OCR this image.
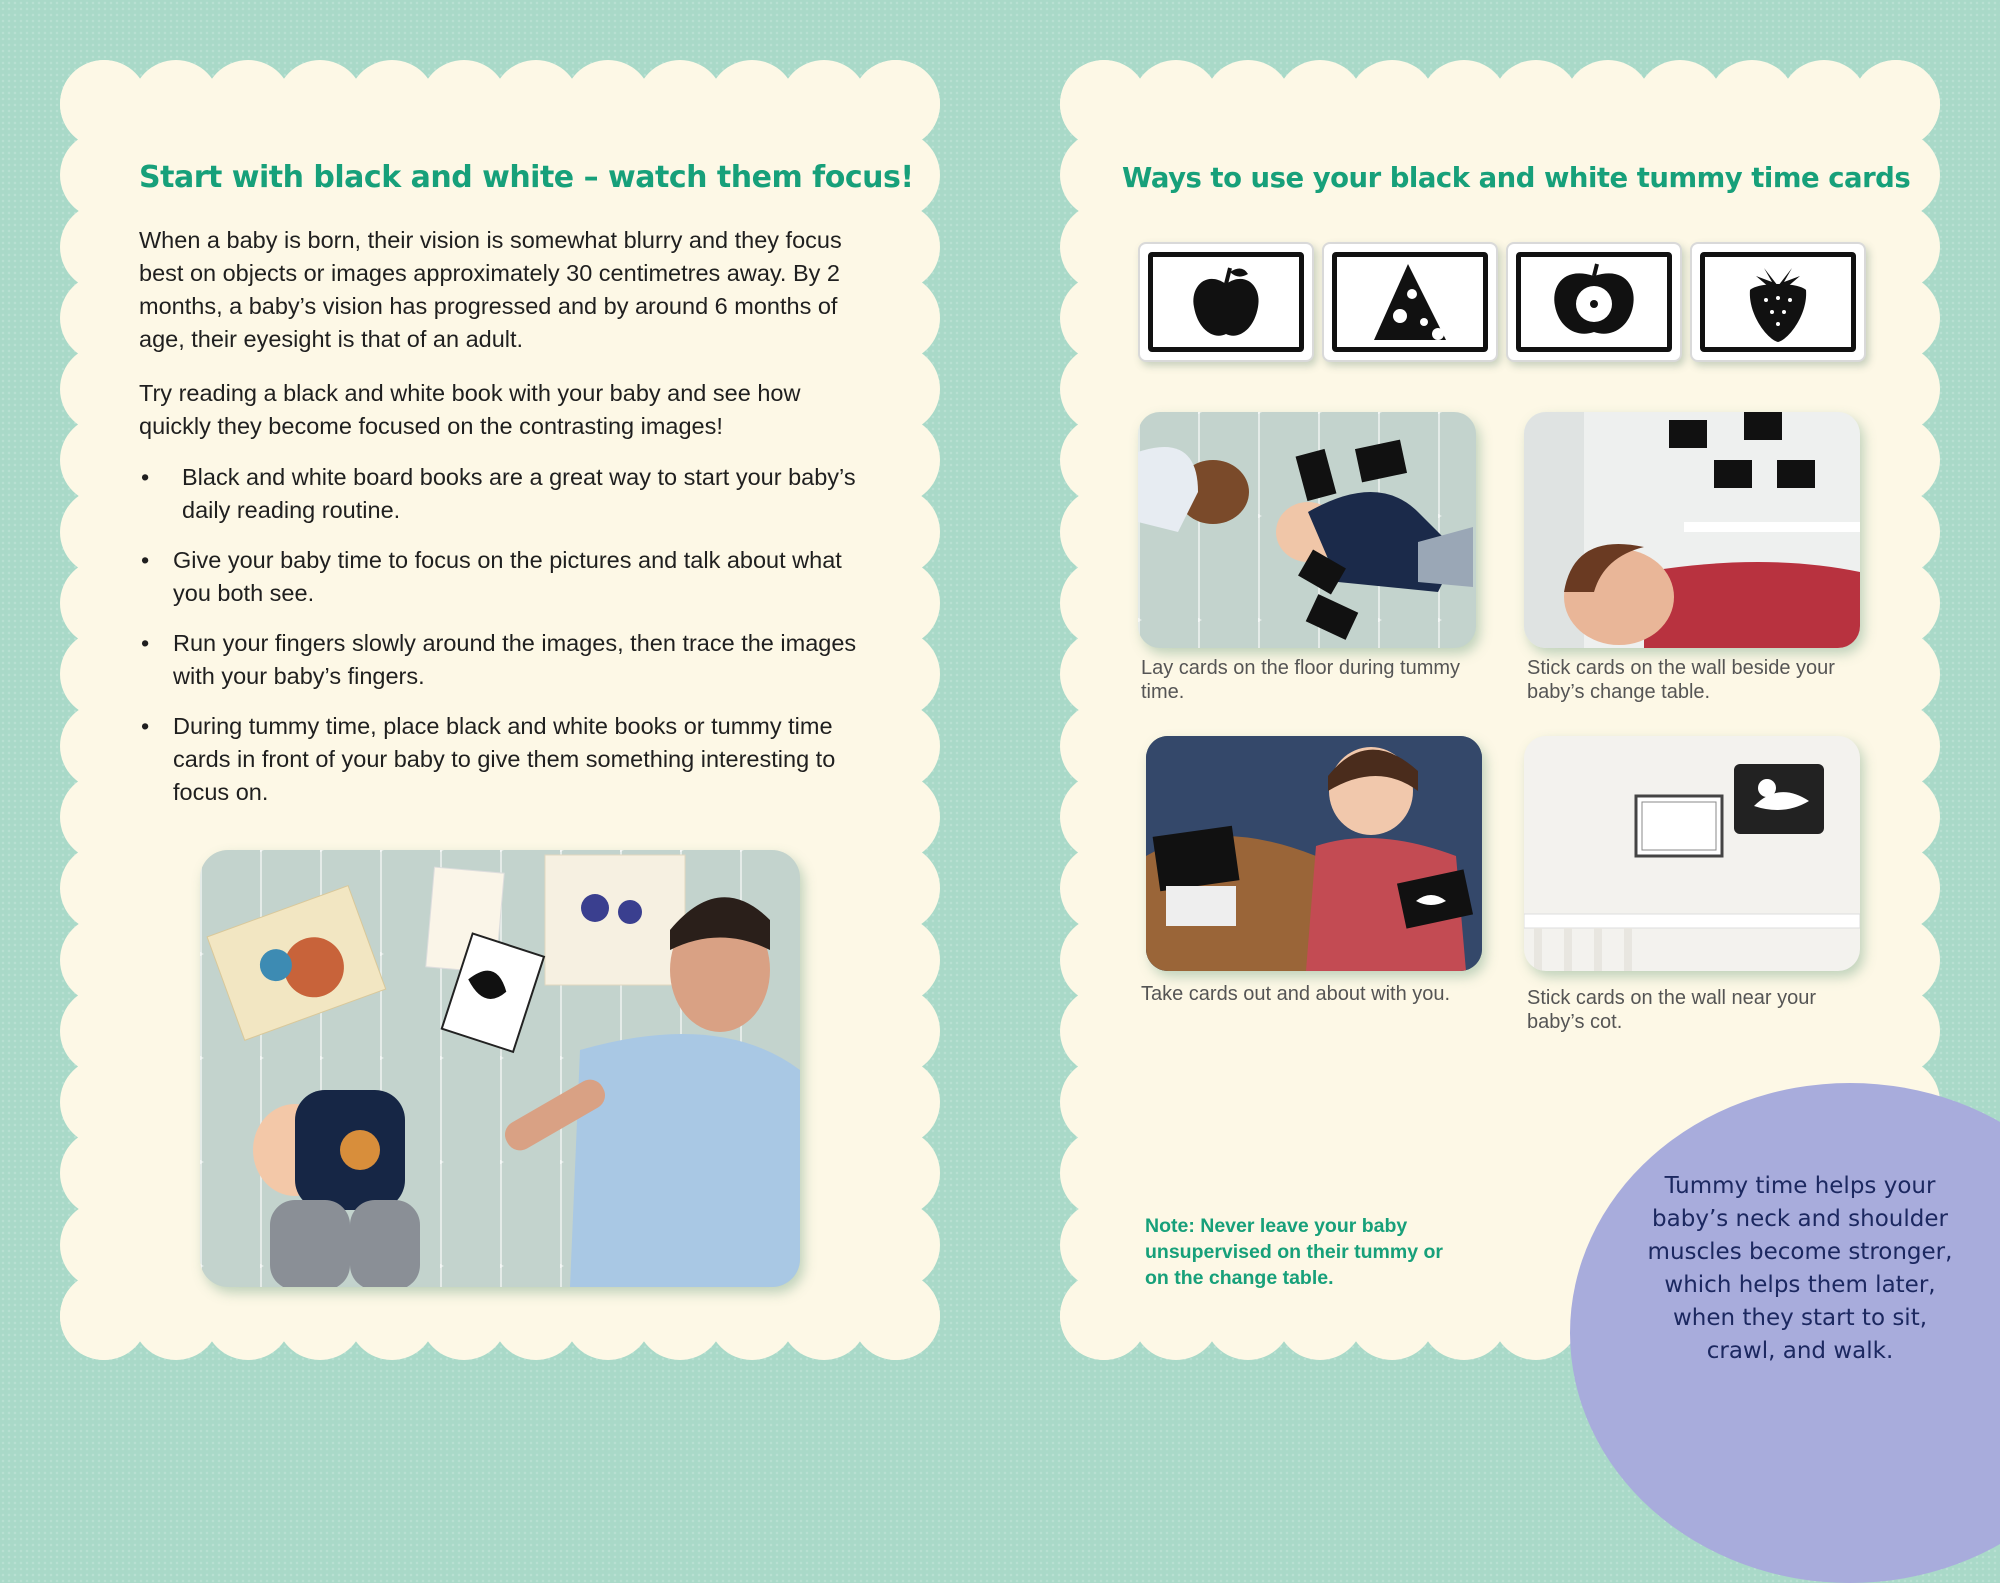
Start with black and white – watch them focus!

When a baby is born, their vision is somewhat blurry and they focus best on objects or images approximately 30 centimetres away. By 2 months, a baby’s vision has progressed and by around 6 months of age, their eyesight is that of an adult.

Try reading a black and white book with your baby and see how quickly they become focused on the contrasting images!

• Black and white board books are a great way to start your baby’s daily reading routine.
• Give your baby time to focus on the pictures and talk about what you both see.
• Run your fingers slowly around the images, then trace the images with your baby’s fingers.
• During tummy time, place black and white books or tummy time cards in front of your baby to give them something interesting to focus on.
Ways to use your black and white tummy time cards

Lay cards on the floor during tummy time.

Stick cards on the wall beside your baby’s change table.

Take cards out and about with you.	Stick cards on the wall near your baby’s cot.

Note: Never leave your baby unsupervised on their tummy or on the change table.

Tummy time helps your baby’s neck and shoulder muscles become stronger, which helps them later, when they start to sit, crawl, and walk.
